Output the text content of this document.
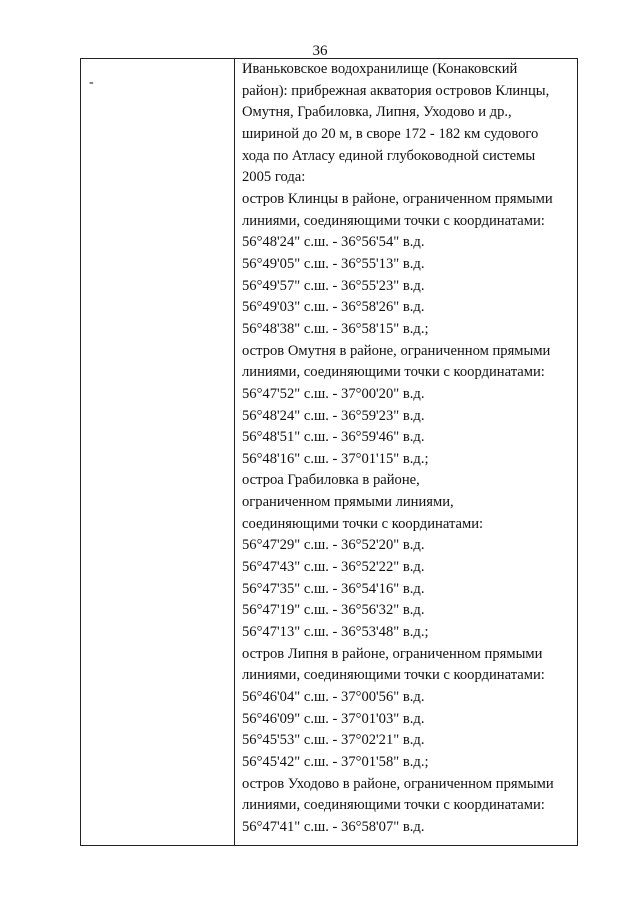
36
-
Иваньковское водохранилище (Конаковский
район): прибрежная акватория островов Клинцы,
Омутня, Грабиловка, Липня, Уходово и др.,
шириной до 20 м, в своре 172 - 182 км судового
хода по Атласу единой глубоководной системы
2005 года:
остров Клинцы в районе, ограниченном прямыми
линиями, соединяющими точки с координатами:
56°48'24" с.ш. - 36°56'54" в.д.
56°49'05" с.ш. - 36°55'13" в.д.
56°49'57" с.ш. - 36°55'23" в.д.
56°49'03" с.ш. - 36°58'26" в.д.
56°48'38" с.ш. - 36°58'15" в.д.;
остров Омутня в районе, ограниченном прямыми
линиями, соединяющими точки с координатами:
56°47'52" с.ш. - 37°00'20" в.д.
56°48'24" с.ш. - 36°59'23" в.д.
56°48'51" с.ш. - 36°59'46" в.д.
56°48'16" с.ш. - 37°01'15" в.д.;
остроа Грабиловка в районе,
ограниченном прямыми линиями,
соединяющими точки с координатами:
56°47'29" с.ш. - 36°52'20" в.д.
56°47'43" с.ш. - 36°52'22" в.д.
56°47'35" с.ш. - 36°54'16" в.д.
56°47'19" с.ш. - 36°56'32" в.д.
56°47'13" с.ш. - 36°53'48" в.д.;
остров Липня в районе, ограниченном прямыми
линиями, соединяющими точки с координатами:
56°46'04" с.ш. - 37°00'56" в.д.
56°46'09" с.ш. - 37°01'03" в.д.
56°45'53" с.ш. - 37°02'21" в.д.
56°45'42" с.ш. - 37°01'58" в.д.;
остров Уходово в районе, ограниченном прямыми
линиями, соединяющими точки с координатами:
56°47'41" с.ш. - 36°58'07" в.д.
